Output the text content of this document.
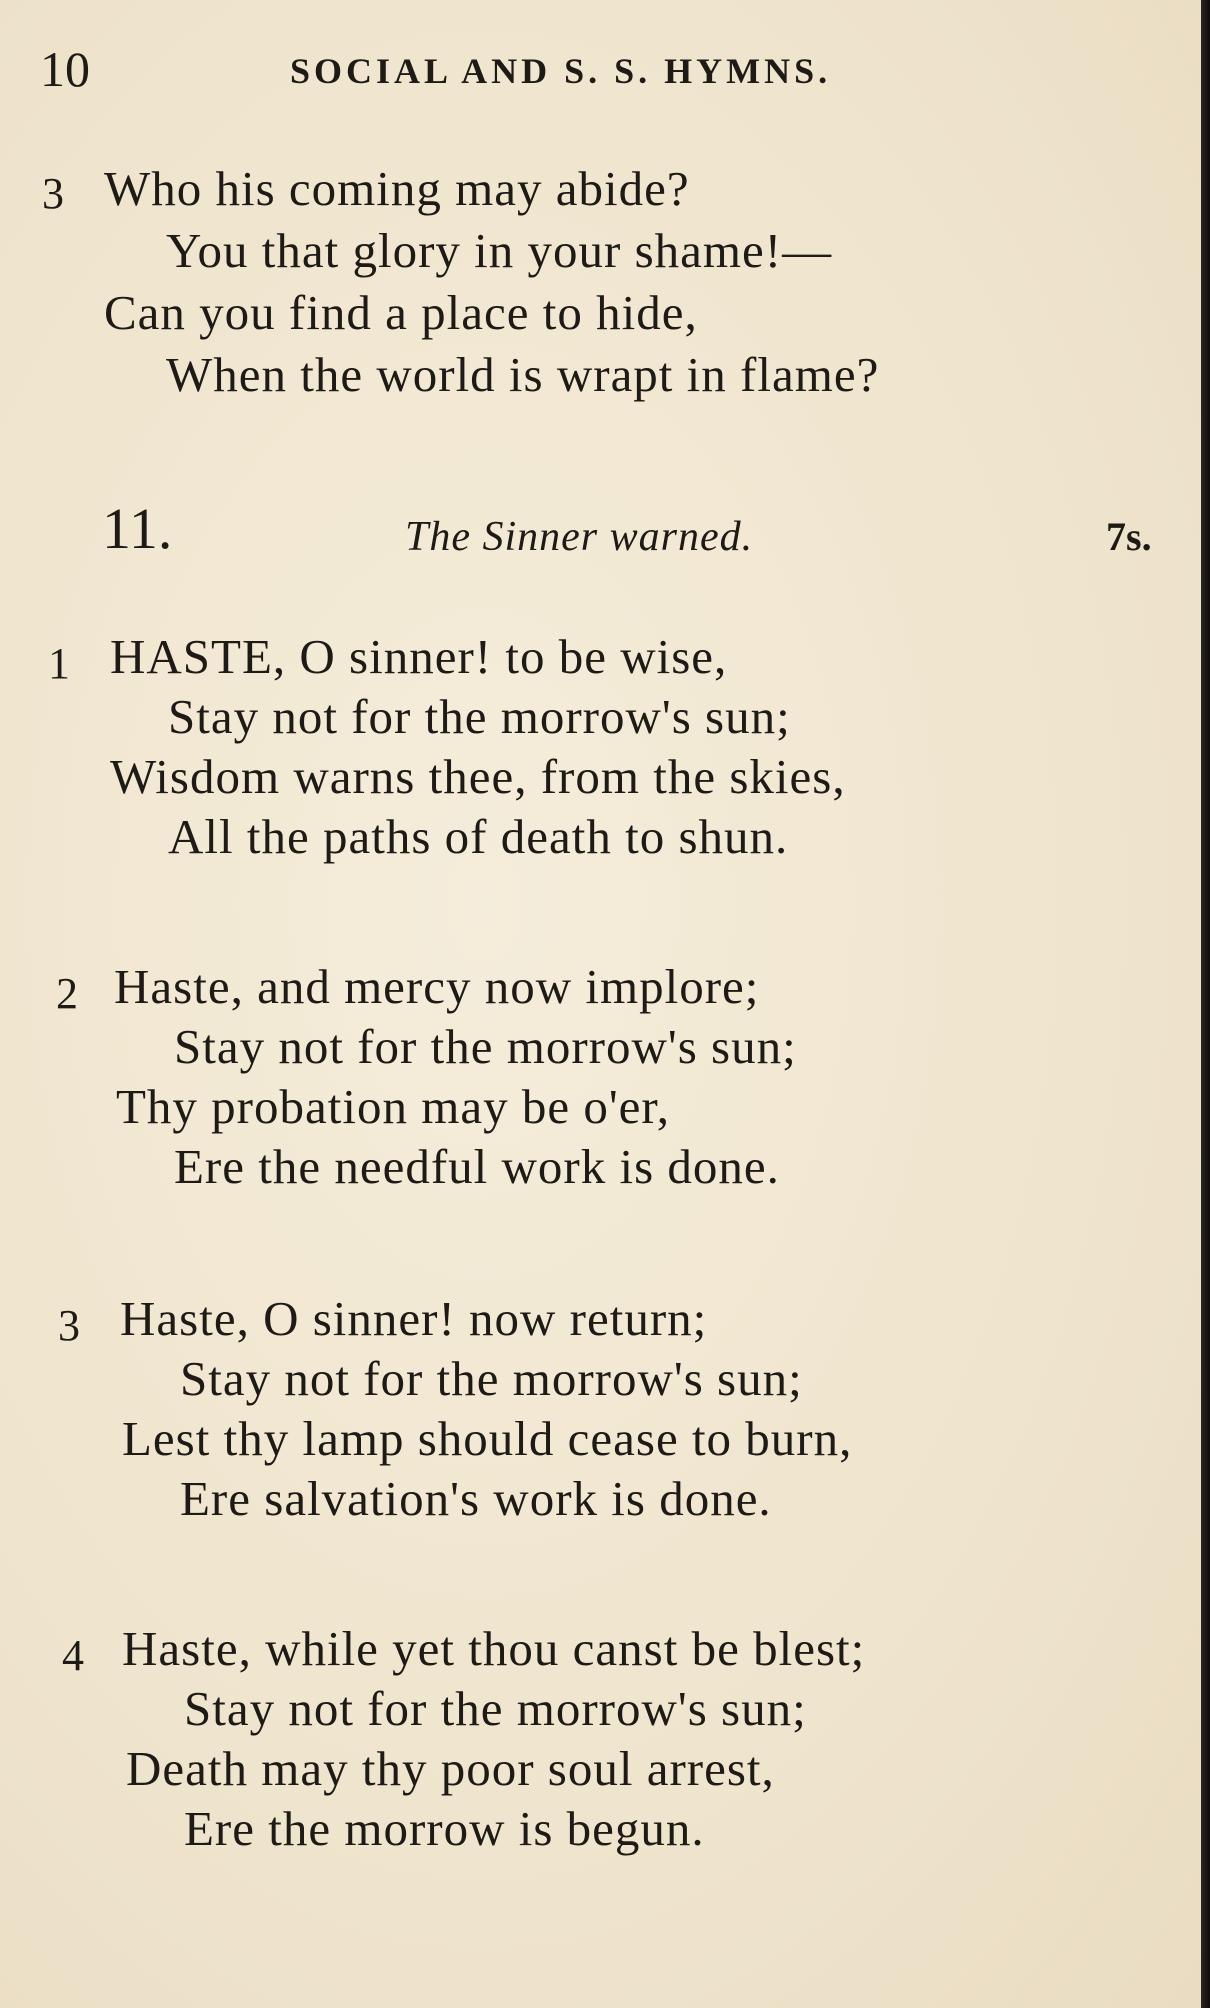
10	SOCIAL AND S. S. HYMNS.
3 Who his coming may abide?
You that glory in your shame!—
Can you find a place to hide,
When the world is wrapt in flame?
11.	The Sinner warned.	7s.
1 HASTE, O sinner! to be wise,
Stay not for the morrow's sun;
Wisdom warns thee, from the skies,
All the paths of death to shun.
2 Haste, and mercy now implore;
Stay not for the morrow's sun;
Thy probation may be o'er,
Ere the needful work is done.
3 Haste, O sinner! now return;
Stay not for the morrow's sun;
Lest thy lamp should cease to burn,
Ere salvation's work is done.
4 Haste, while yet thou canst be blest;
Stay not for the morrow's sun;
Death may thy poor soul arrest,
Ere the morrow is begun.
